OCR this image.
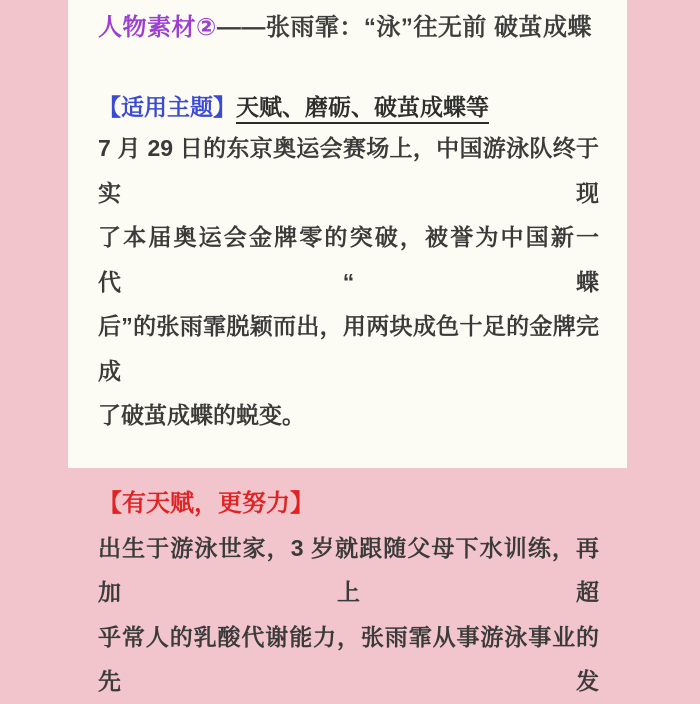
人物素材②——张雨霏：“泳”往无前 破茧成蝶
【适用主题】天赋、磨砺、破茧成蝶等
7 月 29 日的东京奥运会赛场上，中国游泳队终于实现
了本届奥运会金牌零的突破，被誉为中国新一代“蝶
后”的张雨霏脱颖而出，用两块成色十足的金牌完成
了破茧成蝶的蜕变。
【有天赋，更努力】
出生于游泳世家，3 岁就跟随父母下水训练，再加上超
乎常人的乳酸代谢能力，张雨霏从事游泳事业的先发
